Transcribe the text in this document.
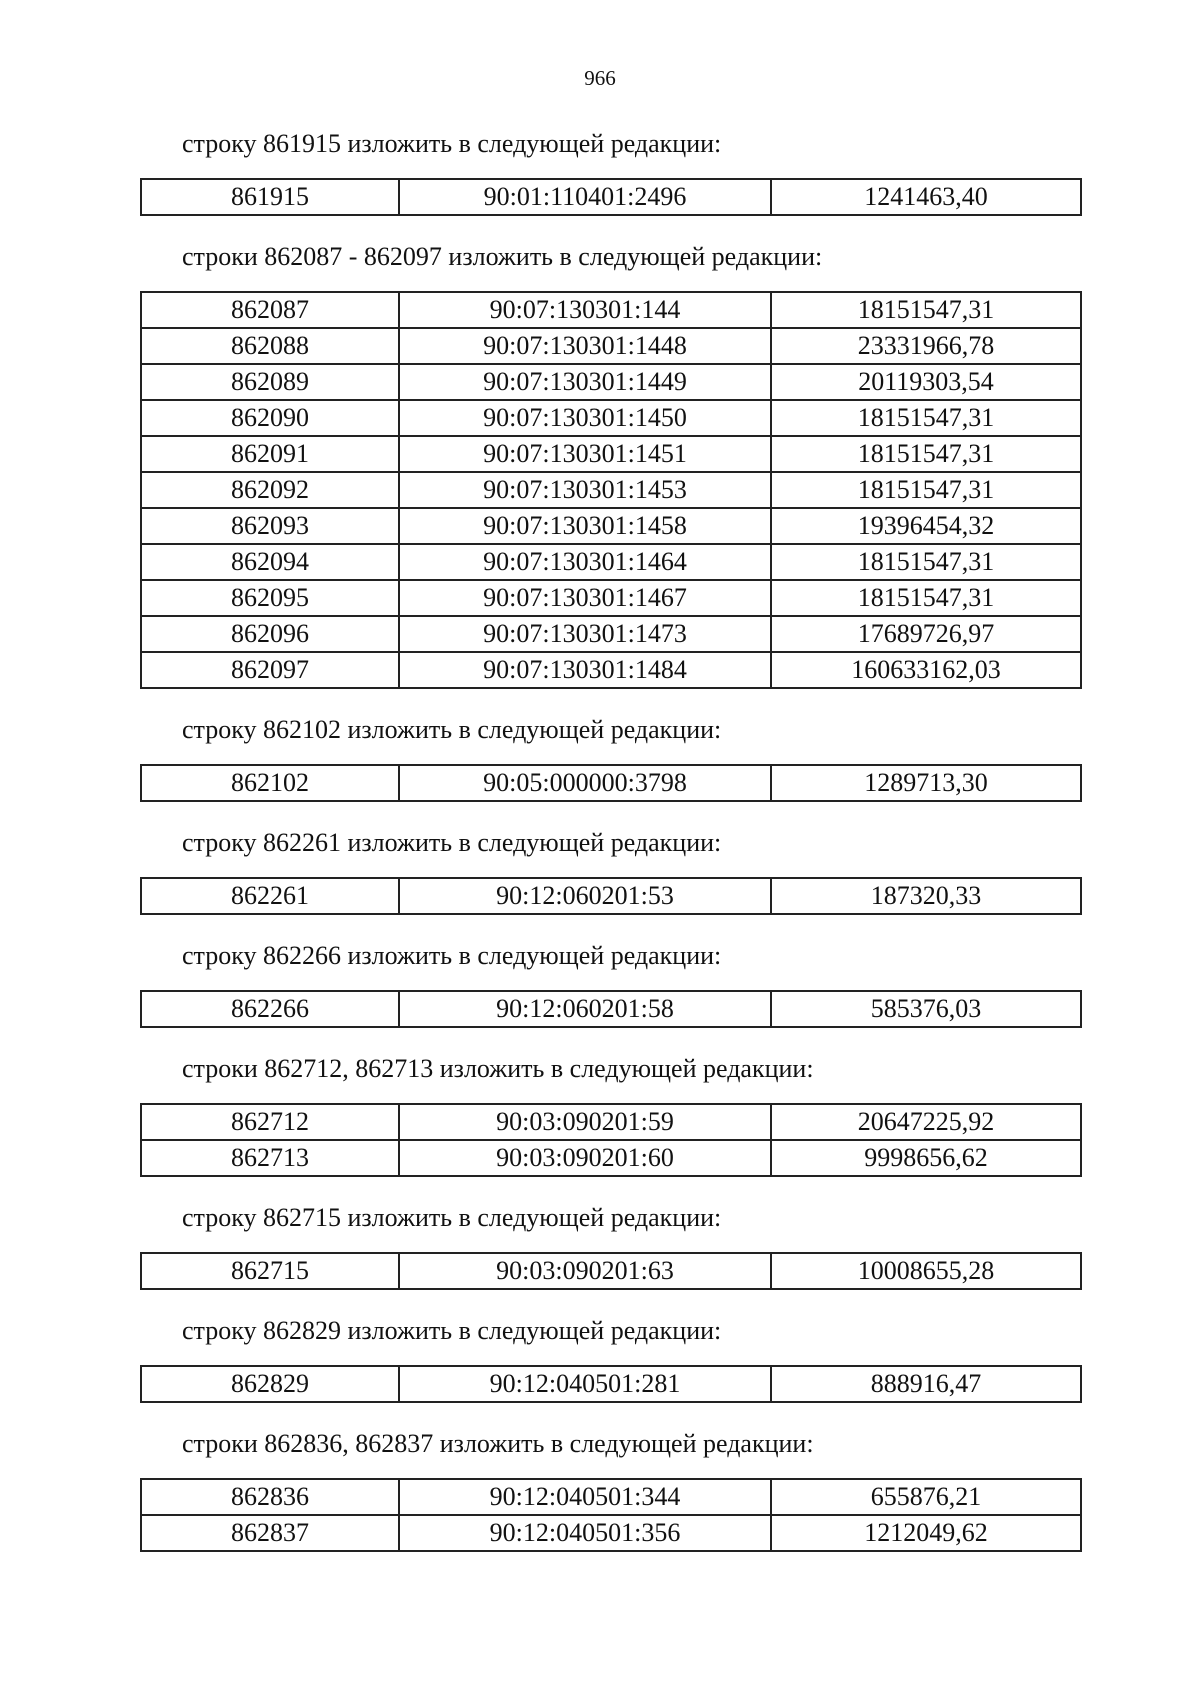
966
строку 861915 изложить в следующей редакции:
861915	90:01:110401:2496	1241463,40
строки 862087 - 862097 изложить в следующей редакции:
862087	90:07:130301:144	18151547,31
862088	90:07:130301:1448	23331966,78
862089	90:07:130301:1449	20119303,54
862090	90:07:130301:1450	18151547,31
862091	90:07:130301:1451	18151547,31
862092	90:07:130301:1453	18151547,31
862093	90:07:130301:1458	19396454,32
862094	90:07:130301:1464	18151547,31
862095	90:07:130301:1467	18151547,31
862096	90:07:130301:1473	17689726,97
862097	90:07:130301:1484	160633162,03
строку 862102 изложить в следующей редакции:
862102	90:05:000000:3798	1289713,30
строку 862261 изложить в следующей редакции:
862261	90:12:060201:53	187320,33
строку 862266 изложить в следующей редакции:
862266	90:12:060201:58	585376,03
строки 862712, 862713 изложить в следующей редакции:
862712	90:03:090201:59	20647225,92
862713	90:03:090201:60	9998656,62
строку 862715 изложить в следующей редакции:
862715	90:03:090201:63	10008655,28
строку 862829 изложить в следующей редакции:
862829	90:12:040501:281	888916,47
строки 862836, 862837 изложить в следующей редакции:
862836	90:12:040501:344	655876,21
862837	90:12:040501:356	1212049,62
